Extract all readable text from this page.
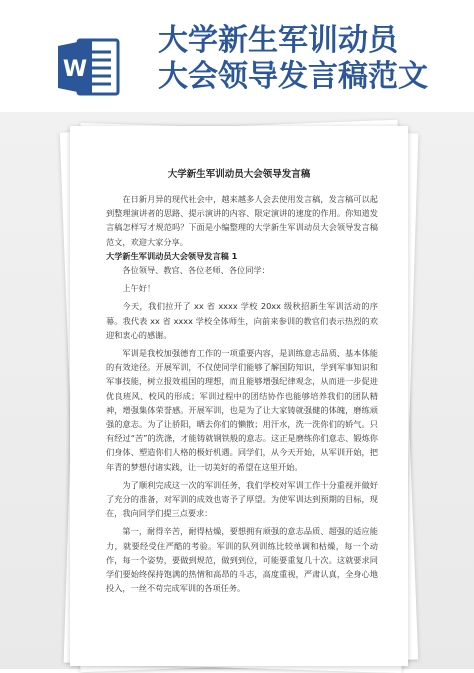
W
大学新生军训动员
大会领导发言稿范文
大学新生军训动员大会领导发言稿

在日新月异的现代社会中，越来越多人会去使用发言稿，发言稿可以起到整理演讲者的思路、提示演讲的内容、限定演讲的速度的作用。你知道发言稿怎样写才规范吗？下面是小编整理的大学新生军训动员大会领导发言稿范文，欢迎大家分享。

大学新生军训动员大会领导发言稿 1

各位领导、教官、各位老师、各位同学：

上午好！

今天，我们拉开了 xx 省 xxxx 学校 20xx 级秋招新生军训活动的序幕。我代表 xx 省 xxxx 学校全体师生，向前来参训的教官们表示热烈的欢迎和衷心的感谢。

军训是我校加强德育工作的一项重要内容，是训练意志品质、基本体能的有效途径。开展军训，不仅使同学们能够了解国防知识，学到军事知识和军事技能，树立报效祖国的理想，而且能够增强纪律观念，从而进一步促进优良班风、校风的形成；军训过程中的团结协作也能够培养我们的团队精神，增强集体荣誉感。开展军训，也是为了让大家铸就强健的体魄，磨练顽强的意志。为了让骄阳，晒去你们的懒散；用汗水，洗一洗你们的娇气。只有经过“苦”的洗涤，才能铸就钢铁般的意志。这正是磨练你们意志、锻炼你们身体、塑造你们人格的极好机遇。同学们，从今天开始，从军训开始，把年青的梦想付诸实践，让一切美好的希望在这里开始。

为了顺利完成这一次的军训任务，我们学校对军训工作十分重视并做好了充分的准备，对军训的成效也寄予了厚望。为使军训达到预期的目标，现在，我向同学们提三点要求：

第一，耐得辛苦，耐得枯燥，要想拥有顽强的意志品质、超强的适应能力，就要经受住严酷的考验。军训的队列训练比较单调和枯燥，每一个动作，每一个姿势，要做到规范，做到到位，可能要重复几十次。这就要求同学们要始终保持饱满的热情和高昂的斗志，高度重视，严肃认真，全身心地投入，一丝不苟完成军训的各项任务。
